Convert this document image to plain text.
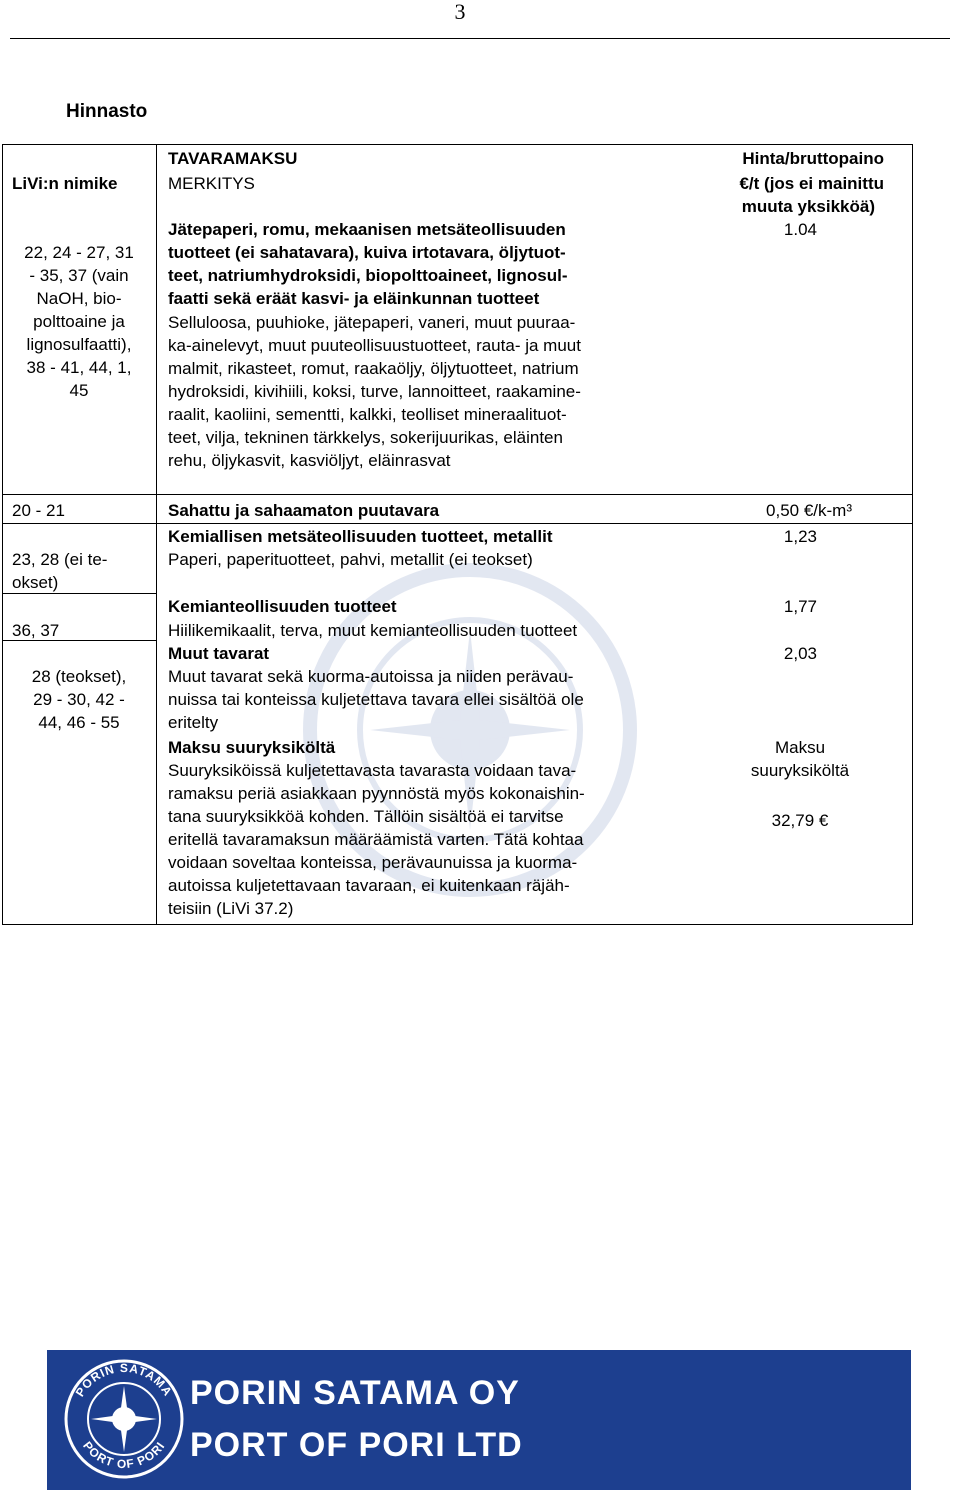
3
Hinnasto
TAVARAMAKSU
MERKITYS
LiVi:n nimike
Hinta/bruttopaino
€/t (jos ei mainittu
muuta yksikköä)
22, 24 - 27, 31
- 35, 37 (vain
NaOH, bio-
polttoaine ja
lignosulfaatti),
38 - 41, 44, 1,
45
Jätepaperi, romu, mekaanisen metsäteollisuuden
tuotteet (ei sahatavara), kuiva irtotavara, öljytuot-
teet, natriumhydroksidi, biopolttoaineet, lignosul-
faatti sekä eräät kasvi- ja eläinkunnan tuotteet
Selluloosa, puuhioke, jätepaperi, vaneri, muut puuraa-
ka-ainelevyt, muut puuteollisuustuotteet, rauta- ja muut
malmit, rikasteet, romut, raakaöljy, öljytuotteet, natrium
hydroksidi, kivihiili, koksi, turve, lannoitteet, raakamine-
raalit, kaoliini, sementti, kalkki, teolliset mineraalituot-
teet, vilja, tekninen tärkkelys, sokerijuurikas, eläinten
rehu, öljykasvit, kasviöljyt, eläinrasvat
1.04
20 - 21	Sahattu ja sahaamaton puutavara	0,50 €/k-m³
23, 28 (ei te-
okset)
Kemiallisen metsäteollisuuden tuotteet, metallit
Paperi, paperituotteet, pahvi, metallit (ei teokset)
1,23
36, 37
Kemianteollisuuden tuotteet
Hiilikemikaalit, terva, muut kemianteollisuuden tuotteet
1,77
28 (teokset),
29 - 30, 42 -
44, 46 - 55
Muut tavarat
Muut tavarat sekä kuorma-autoissa ja niiden perävau-
nuissa tai konteissa kuljetettava tavara ellei sisältöä ole
eritelty
2,03
Maksu suuryksiköltä
Suuryksiköissä kuljetettavasta tavarasta voidaan tava-
ramaksu periä asiakkaan pyynnöstä myös kokonaishin-
tana suuryksikköä kohden. Tällöin sisältöä ei tarvitse
eritellä tavaramaksun määräämistä varten. Tätä kohtaa
voidaan soveltaa konteissa, perävaunuissa ja kuorma-
autoissa kuljetettavaan tavaraan, ei kuitenkaan räjäh-
teisiin (LiVi 37.2)
Maksu
suuryksiköltä
32,79 €
PORIN SATAMA
PORT OF PORI
PORIN SATAMA OY
PORT OF PORI LTD
